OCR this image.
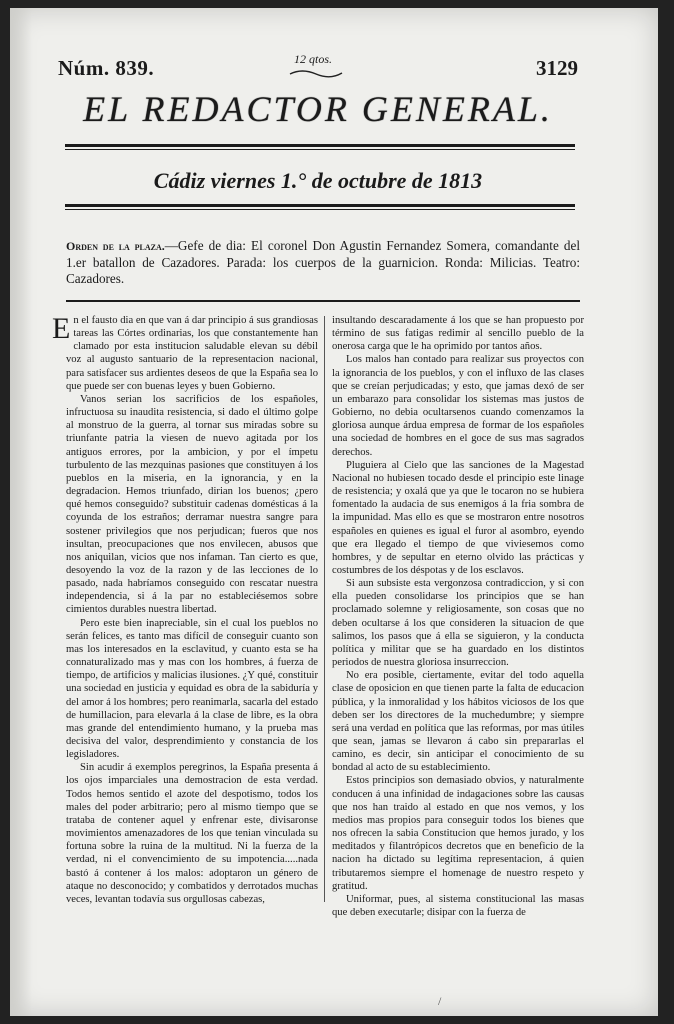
Núm. 839.	12 qtos.	3129
EL REDACTOR GENERAL.
Cádiz viernes 1.° de octubre de 1813
Orden de la plaza.—Gefe de dia: El coronel Don Agustin Fernandez Somera, comandante del 1.er batallon de Cazadores. Parada: los cuerpos de la guarnicion. Ronda: Milicias. Teatro: Cazadores.

En el fausto dia en que van á dar principio á sus grandiosas tareas las Córtes ordinarias, los que constantemente han clamado por esta institucion saludable elevan su débil voz al augusto santuario de la representacion nacional, para satisfacer sus ardientes deseos de que la España sea lo que puede ser con buenas leyes y buen Gobierno.

Vanos serian los sacrificios de los españoles, infructuosa su inaudita resistencia, si dado el último golpe al monstruo de la guerra, al tornar sus miradas sobre su triunfante patria la viesen de nuevo agitada por los antiguos errores, por la ambicion, y por el ímpetu turbulento de las mezquinas pasiones que constituyen á los pueblos en la miseria, en la ignorancia, y en la degradacion. Hemos triunfado, dirian los buenos; ¿pero qué hemos conseguido? substituir cadenas domésticas á la coyunda de los estraños; derramar nuestra sangre para sostener privilegios que nos perjudican; fueros que nos insultan, preocupaciones que nos envilecen, abusos que nos aniquilan, vicios que nos infaman. Tan cierto es que, desoyendo la voz de la razon y de las lecciones de lo pasado, nada habríamos conseguido con rescatar nuestra independencia, si á la par no estableciésemos sobre cimientos durables nuestra libertad.

Pero este bien inapreciable, sin el cual los pueblos no serán felices, es tanto mas difícil de conseguir cuanto son mas los interesados en la esclavitud, y cuanto esta se ha connaturalizado mas y mas con los hombres, á fuerza de tiempo, de artificios y malicias ilusiones. ¿Y qué, constituir una sociedad en justicia y equidad es obra de la sabiduría y del amor á los hombres; pero reanimarla, sacarla del estado de humillacion, para elevarla á la clase de libre, es la obra mas grande del entendimiento humano, y la prueba mas decisiva del valor, desprendimiento y constancia de los legisladores.

Sin acudir á exemplos peregrinos, la España presenta á los ojos imparciales una demostracion de esta verdad. Todos hemos sentido el azote del despotismo, todos los males del poder arbitrario; pero al mismo tiempo que se trataba de contener aquel y enfrenar este, divisaronse movimientos amenazadores de los que tenian vinculada su fortuna sobre la ruina de la multitud. Ni la fuerza de la verdad, ni el convencimiento de su impotencia.....nada bastó á contener á los malos: adoptaron un género de ataque no desconocido; y combatidos y derrotados muchas veces, levantan todavía sus orgullosas cabezas,

insultando descaradamente á los que se han propuesto por término de sus fatigas redimir al sencillo pueblo de la onerosa carga que le ha oprimido por tantos años.

Los malos han contado para realizar sus proyectos con la ignorancia de los pueblos, y con el influxo de las clases que se creían perjudicadas; y esto, que jamas dexó de ser un embarazo para consolidar los sistemas mas justos de Gobierno, no debia ocultarsenos cuando comenzamos la gloriosa aunque árdua empresa de formar de los españoles una sociedad de hombres en el goce de sus mas sagrados derechos.

Pluguiera al Cielo que las sanciones de la Magestad Nacional no hubiesen tocado desde el principio este linage de resistencia; y oxalá que ya que le tocaron no se hubiera fomentado la audacia de sus enemigos á la fria sombra de la impunidad. Mas ello es que se mostraron entre nosotros españoles en quienes es igual el furor al asombro, eyendo que era llegado el tiempo de que viviesemos como hombres, y de sepultar en eterno olvido las prácticas y costumbres de los déspotas y de los esclavos.

Si aun subsiste esta vergonzosa contradiccion, y si con ella pueden consolidarse los principios que se han proclamado solemne y religiosamente, son cosas que no deben ocultarse á los que consideren la situacion de que salimos, los pasos que á ella se siguieron, y la conducta política y militar que se ha guardado en los distintos periodos de nuestra gloriosa insurreccion.

No era posible, ciertamente, evitar del todo aquella clase de oposicion en que tienen parte la falta de educacion pública, y la inmoralidad y los hábitos viciosos de los que deben ser los directores de la muchedumbre; y siempre será una verdad en política que las reformas, por mas útiles que sean, jamas se llevaron á cabo sin prepararlas el camino, es decir, sin anticipar el conocimiento de su bondad al acto de su establecimiento.

Estos principios son demasiado obvios, y naturalmente conducen á una infinidad de indagaciones sobre las causas que nos han traido al estado en que nos vemos, y los medios mas propios para conseguir todos los bienes que nos ofrecen la sabia Constitucion que hemos jurado, y los meditados y filantrópicos decretos que en beneficio de la nacion ha dictado su legítima representacion, á quien tributaremos siempre el homenage de nuestro respeto y gratitud.

Uniformar, pues, al sistema constitucional las masas que deben executarle; disipar con la fuerza de

/
